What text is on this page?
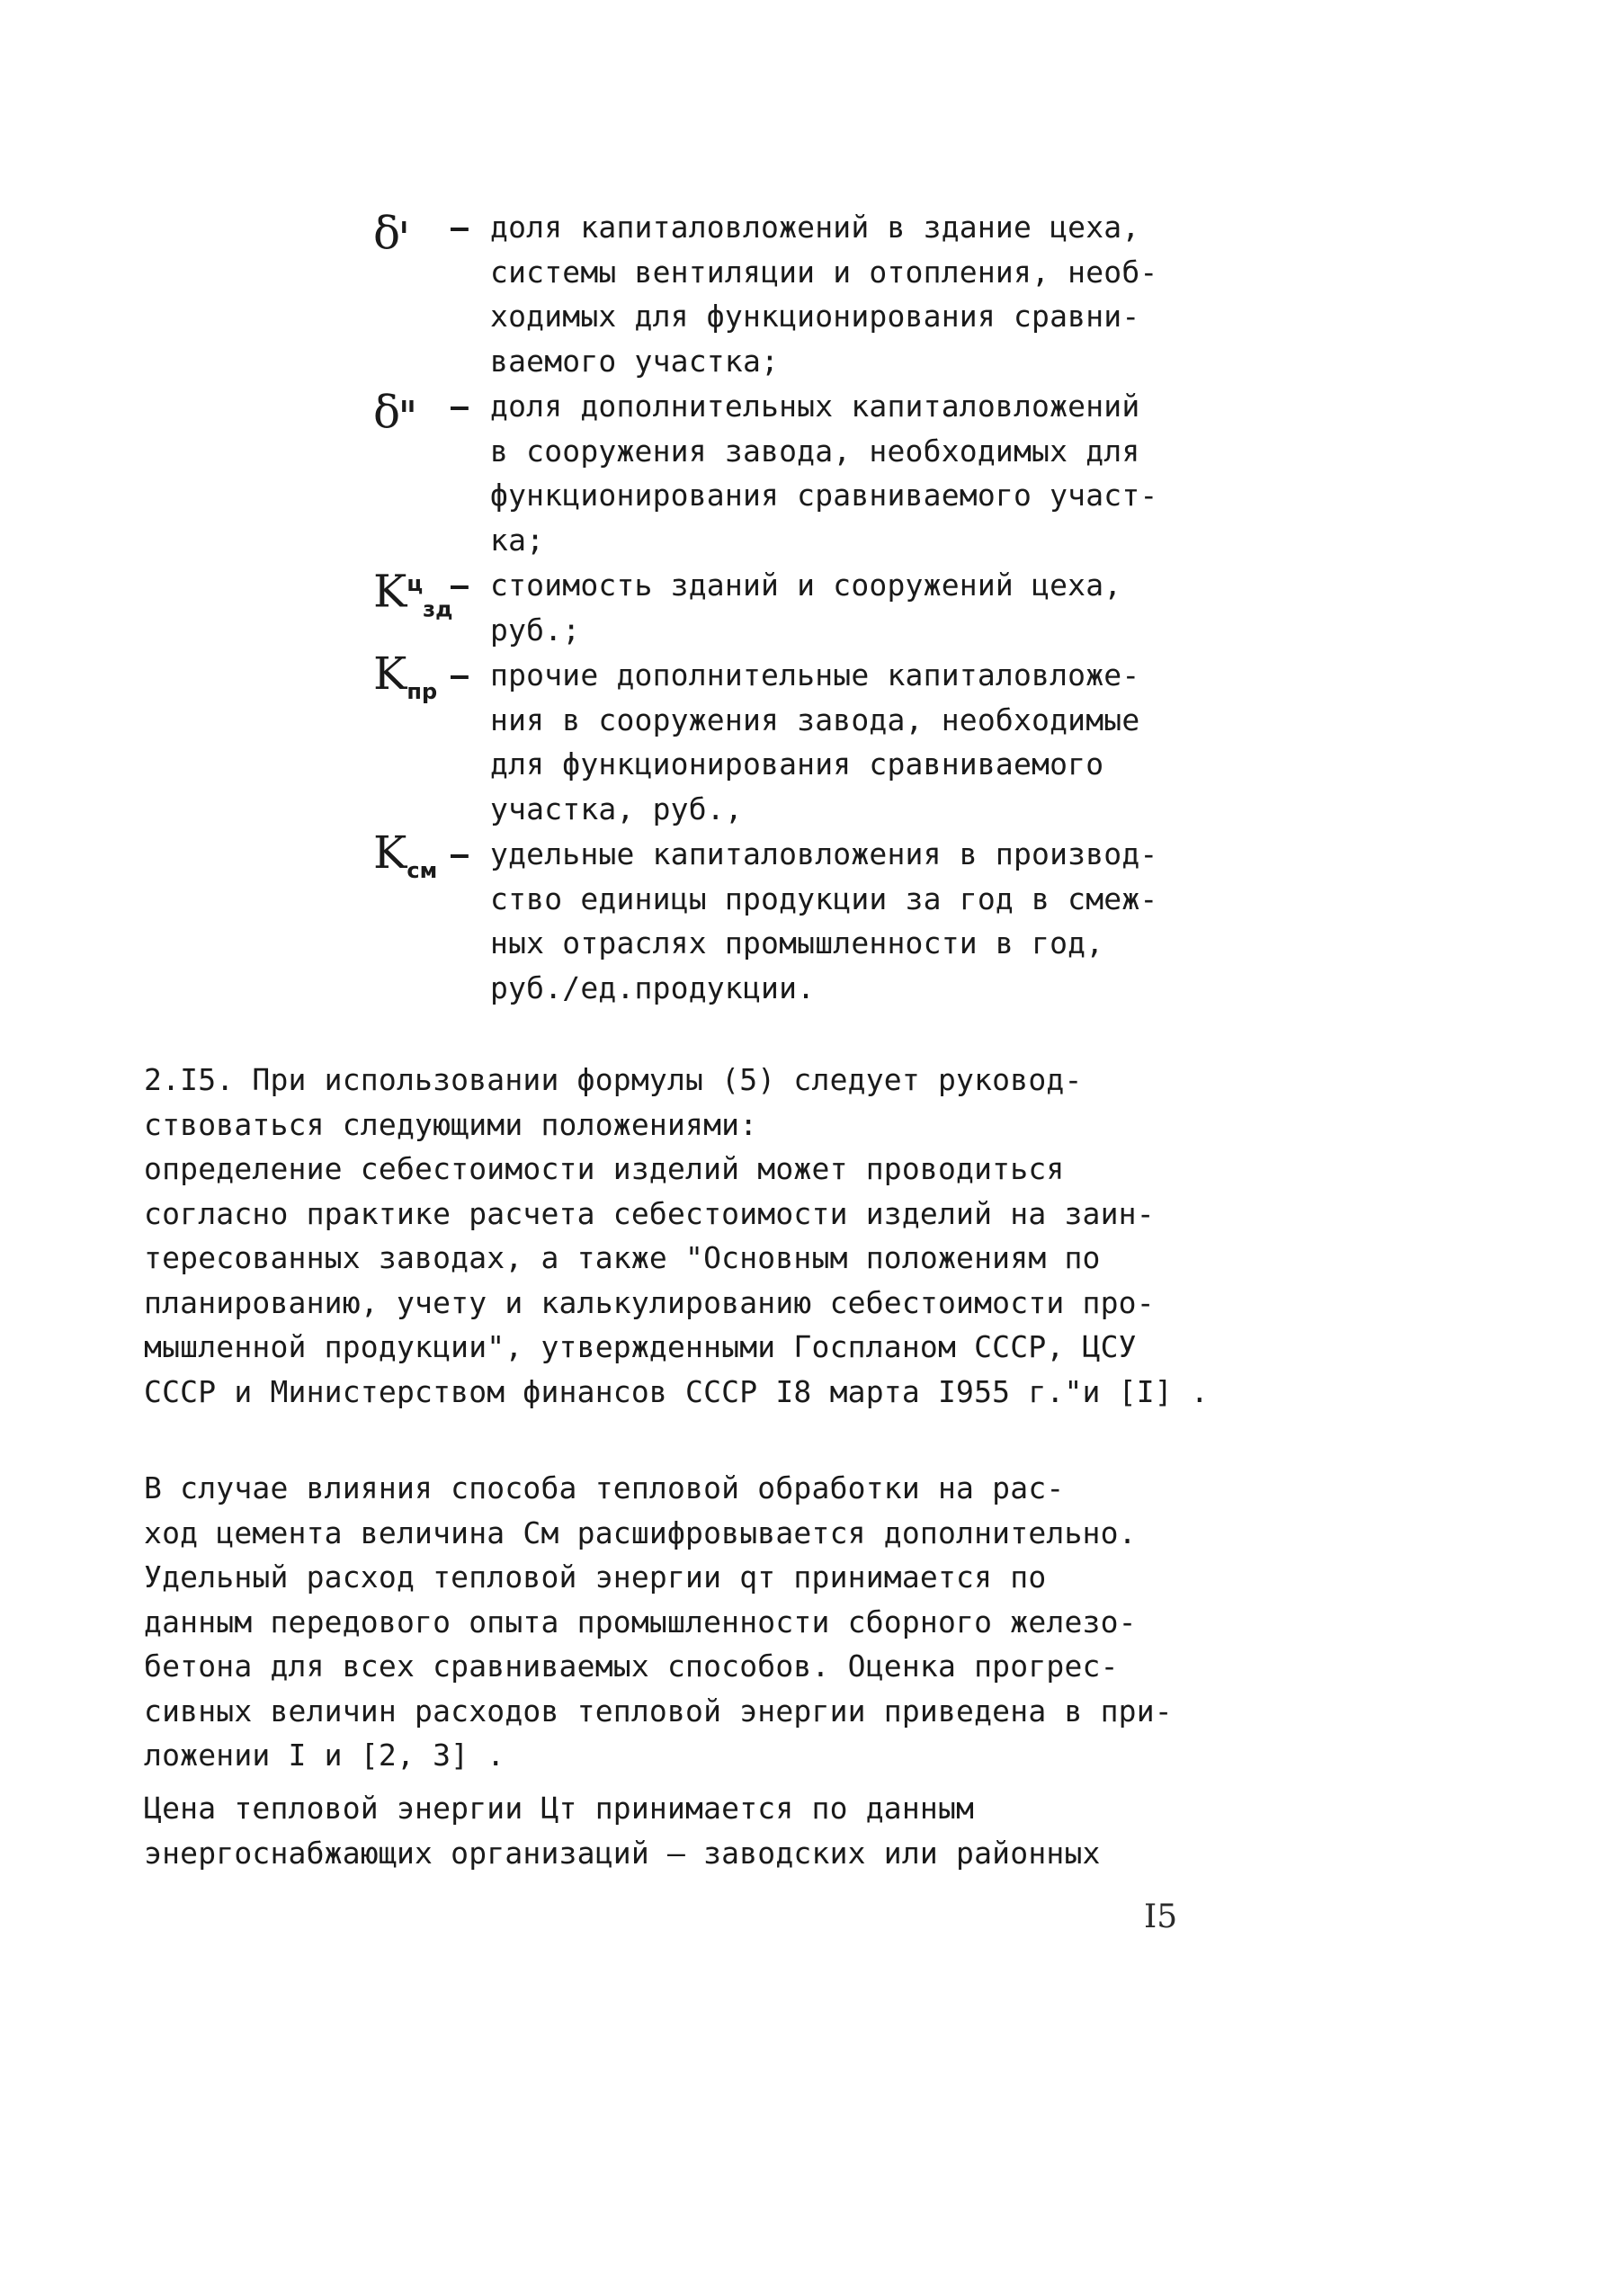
$\delta^ı$	– доля капиталовложений в здание цеха,
системы вентиляции и отопления, необ-
ходимых для функционирования сравни-
ваемого участка;
$\delta^{ıı}$	– доля дополнительных капиталовложений
в сооружения завода, необходимых для
функционирования сравниваемого участ-
ка;
$K^ц_{зд}$
– стоимость зданий и сооружений цеха,
руб.;
$K_{пр}$ – прочие дополнительные капиталовложе-
ния в сооружения завода, необходимые
для функционирования сравниваемого
участка, руб.,
$K_{см}$ – удельные капиталовложения в производ-
ство единицы продукции за год в смеж-
ных отраслях промышленности в год,
руб./ед.продукции.
2.I5. При использовании формулы (5) следует руковод-
ствоваться следующими положениями:
определение себестоимости изделий может проводиться
согласно практике расчета себестоимости изделий на заин-
тересованных заводах, а также "Основным положениям по
планированию, учету и калькулированию себестоимости про-
мышленной продукции", утвержденными Госпланом СССР, ЦСУ
СССР и Министерством финансов СССР I8 марта I955 г."и [I] .
В случае влияния способа тепловой обработки на рас-
ход цемента величина См расшифровывается дополнительно.
Удельный расход тепловой энергии qт принимается по
данным передового опыта промышленности сборного железо-
бетона для всех сравниваемых способов. Оценка прогрес-
сивных величин расходов тепловой энергии приведена в при-
ложении I и [2, 3] .
Цена тепловой энергии Цт принимается по данным
энергоснабжающих организаций – заводских или районных
I5
